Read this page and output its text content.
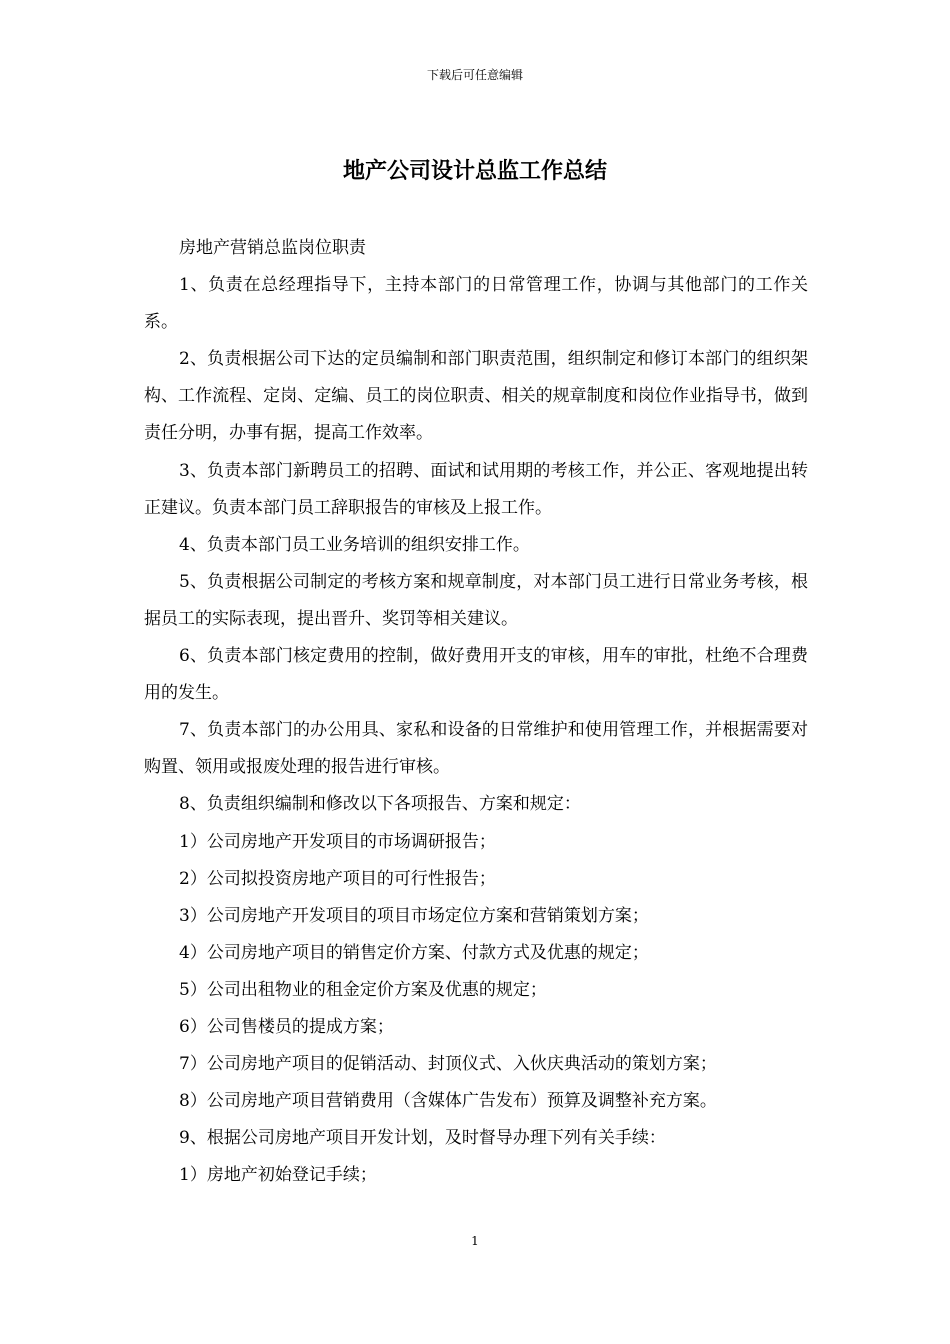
下载后可任意编辑
地产公司设计总监工作总结

房地产营销总监岗位职责

1、负责在总经理指导下，主持本部门的日常管理工作，协调与其他部门的工作关系。

2、负责根据公司下达的定员编制和部门职责范围，组织制定和修订本部门的组织架构、工作流程、定岗、定编、员工的岗位职责、相关的规章制度和岗位作业指导书，做到责任分明，办事有据，提高工作效率。

3、负责本部门新聘员工的招聘、面试和试用期的考核工作，并公正、客观地提出转正建议。负责本部门员工辞职报告的审核及上报工作。

4、负责本部门员工业务培训的组织安排工作。

5、负责根据公司制定的考核方案和规章制度，对本部门员工进行日常业务考核，根据员工的实际表现，提出晋升、奖罚等相关建议。

6、负责本部门核定费用的控制，做好费用开支的审核，用车的审批，杜绝不合理费用的发生。

7、负责本部门的办公用具、家私和设备的日常维护和使用管理工作，并根据需要对购置、领用或报废处理的报告进行审核。

8、负责组织编制和修改以下各项报告、方案和规定：

1）公司房地产开发项目的市场调研报告；

2）公司拟投资房地产项目的可行性报告；

3）公司房地产开发项目的项目市场定位方案和营销策划方案；

4）公司房地产项目的销售定价方案、付款方式及优惠的规定；

5）公司出租物业的租金定价方案及优惠的规定；

6）公司售楼员的提成方案；

7）公司房地产项目的促销活动、封顶仪式、入伙庆典活动的策划方案；

8）公司房地产项目营销费用（含媒体广告发布）预算及调整补充方案。

9、根据公司房地产项目开发计划，及时督导办理下列有关手续：

1）房地产初始登记手续；

1
